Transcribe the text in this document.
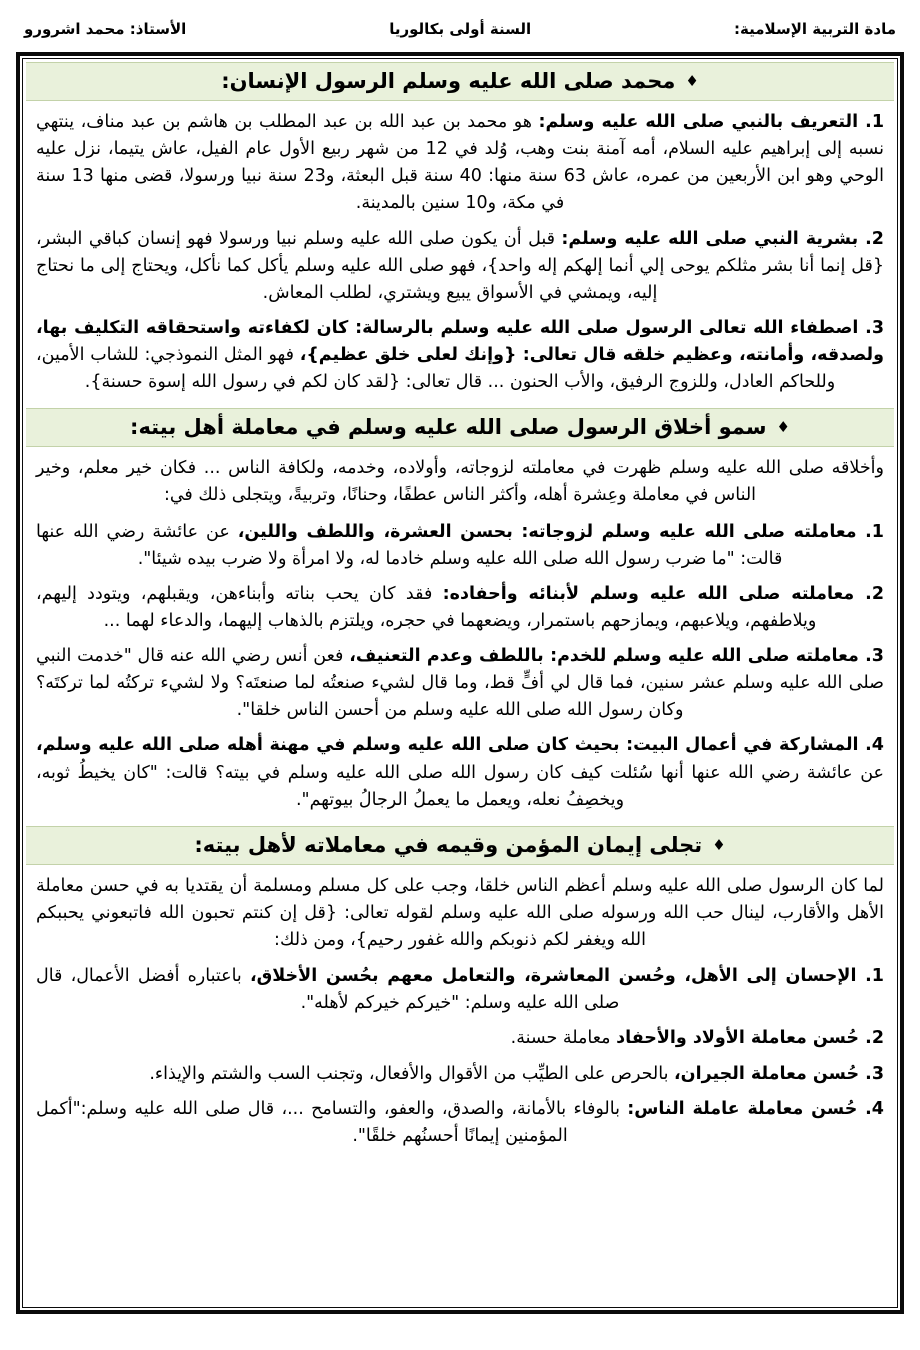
مادة التربية الإسلامية:
السنة أولى بكالوريا
الأستاذ: محمد اشرورو
♦محمد صلى الله عليه وسلم الرسول الإنسان:
1. التعريف بالنبي صلى الله عليه وسلم: هو محمد بن عبد الله بن عبد المطلب بن هاشم بن عبد مناف، ينتهي نسبه إلى إبراهيم عليه السلام، أمه آمنة بنت وهب، وُلد في 12 من شهر ربيع الأول عام الفيل، عاش يتيما، نزل عليه الوحي وهو ابن الأربعين من عمره، عاش 63 سنة منها: 40 سنة قبل البعثة، و23 سنة نبيا ورسولا، قضى منها 13 سنة في مكة، و10 سنين بالمدينة.
2. بشرية النبي صلى الله عليه وسلم: قبل أن يكون صلى الله عليه وسلم نبيا ورسولا فهو إنسان كباقي البشر، {قل إنما أنا بشر مثلكم يوحى إلي أنما إلهكم إله واحد}، فهو صلى الله عليه وسلم يأكل كما نأكل، ويحتاج إلى ما نحتاج إليه، ويمشي في الأسواق يبيع ويشتري، لطلب المعاش.
3. اصطفاء الله تعالى الرسول صلى الله عليه وسلم بالرسالة: كان لكفاءته واستحقاقه التكليف بها، ولصدقه، وأمانته، وعظيم خلقه قال تعالى: {وإنك لعلى خلق عظيم}، فهو المثل النموذجي: للشاب الأمين، وللحاكم العادل، وللزوج الرفيق، والأب الحنون ... قال تعالى: {لقد كان لكم في رسول الله إسوة حسنة}.
♦سمو أخلاق الرسول صلى الله عليه وسلم في معاملة أهل بيته:

وأخلاقه صلى الله عليه وسلم ظهرت في معاملته لزوجاته، وأولاده، وخدمه، ولكافة الناس ... فكان خير معلم، وخير الناس في معاملة وعِشرة أهله، وأكثر الناس عطفًا، وحنانًا، وتربيةً، ويتجلى ذلك في:

1. معاملته صلى الله عليه وسلم لزوجاته: بحسن العشرة، واللطف واللين، عن عائشة رضي الله عنها قالت: "ما ضرب رسول الله صلى الله عليه وسلم خادما له، ولا امرأة ولا ضرب بيده شيئا".
2. معاملته صلى الله عليه وسلم لأبنائه وأحفاده: فقد كان يحب بناته وأبناءهن، ويقبلهم، ويتودد إليهم، ويلاطفهم، ويلاعبهم، ويمازحهم باستمرار، ويضعهما في حجره، ويلتزم بالذهاب إليهما، والدعاء لهما ...
3. معاملته صلى الله عليه وسلم للخدم: باللطف وعدم التعنيف، فعن أنس رضي الله عنه قال "خدمت النبي صلى الله عليه وسلم عشر سنين، فما قال لي أفٍّ قط، وما قال لشيء صنعتُه لما صنعتَه؟ ولا لشيء تركتُه لما تركتَه؟ وكان رسول الله صلى الله عليه وسلم من أحسن الناس خلقا".
4. المشاركة في أعمال البيت: بحيث كان صلى الله عليه وسلم في مهنة أهله صلى الله عليه وسلم، عن عائشة رضي الله عنها أنها سُئلت كيف كان رسول الله صلى الله عليه وسلم في بيته؟ قالت: "كان يخيطُ ثوبه، ويخصِفُ نعله، ويعمل ما يعملُ الرجالُ بيوتهم".
♦تجلى إيمان المؤمن وقيمه في معاملاته لأهل بيته:

لما كان الرسول صلى الله عليه وسلم أعظم الناس خلقا، وجب على كل مسلم ومسلمة أن يقتديا به في حسن معاملة الأهل والأقارب، لينال حب الله ورسوله صلى الله عليه وسلم لقوله تعالى: {قل إن كنتم تحبون الله فاتبعوني يحببكم الله ويغفر لكم ذنوبكم والله غفور رحيم}، ومن ذلك:

1. الإحسان إلى الأهل، وحُسن المعاشرة، والتعامل معهم بحُسن الأخلاق، باعتباره أفضل الأعمال، قال صلى الله عليه وسلم: "خيركم خيركم لأهله".
2. حُسن معاملة الأولاد والأحفاد معاملة حسنة.
3. حُسن معاملة الجيران، بالحرص على الطيِّب من الأقوال والأفعال، وتجنب السب والشتم والإيذاء.
4. حُسن معاملة عاملة الناس: بالوفاء بالأمانة، والصدق، والعفو، والتسامح ...، قال صلى الله عليه وسلم:"أكمل المؤمنين إيمانًا أحسنُهم خلقًا".
